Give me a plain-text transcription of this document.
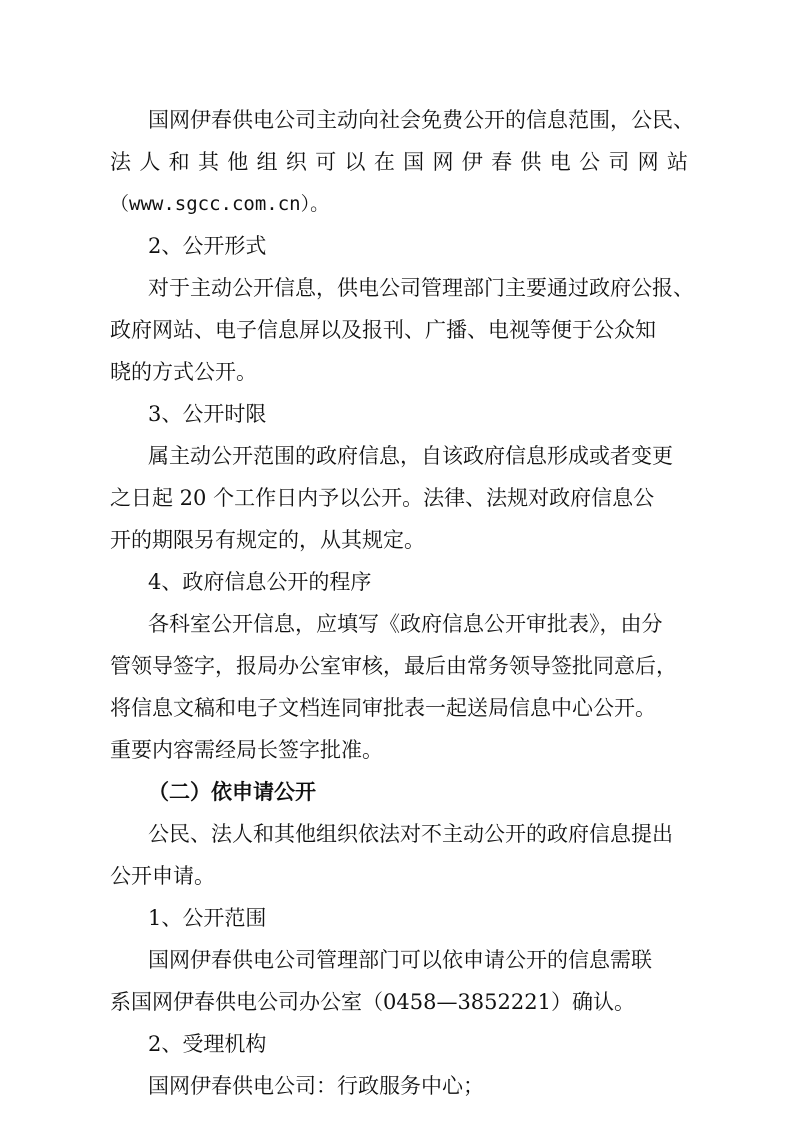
国网伊春供电公司主动向社会免费公开的信息范围，公民、
法人和其他组织可以在国网伊春供电公司网站
（www.sgcc.com.cn）。
2、公开形式
对于主动公开信息，供电公司管理部门主要通过政府公报、
政府网站、电子信息屏以及报刊、广播、电视等便于公众知
晓的方式公开。
3、公开时限
属主动公开范围的政府信息，自该政府信息形成或者变更
之日起 20 个工作日内予以公开。法律、法规对政府信息公
开的期限另有规定的，从其规定。
4、政府信息公开的程序
各科室公开信息，应填写《政府信息公开审批表》，由分
管领导签字，报局办公室审核，最后由常务领导签批同意后，
将信息文稿和电子文档连同审批表一起送局信息中心公开。
重要内容需经局长签字批准。
（二）依申请公开
公民、法人和其他组织依法对不主动公开的政府信息提出
公开申请。
1、公开范围
国网伊春供电公司管理部门可以依申请公开的信息需联
系国网伊春供电公司办公室（0458—3852221）确认。
2、受理机构
国网伊春供电公司：行政服务中心；
